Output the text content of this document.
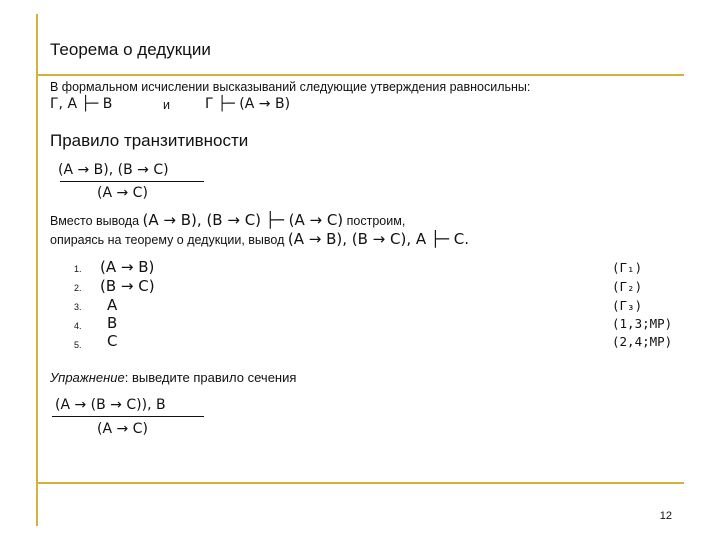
Теорема о дедукции
В формальном исчислении высказываний следующие утверждения равносильны:
Г, А ├─ В	и	Г ├─ (А → В)
Правило транзитивности
(А → В), (В → С)
(А → С)
Вместо вывода (А → В), (В → С) ├─ (А → С) построим,
опираясь на теорему о дедукции, вывод (А → В), (В → С), А ├─ С.
1. (А → В)	(Г₁)
2. (В → С)	(Г₂)
3. А	(Г₃)
4. В	(1,3;MP)
5. С	(2,4;MP)
Упражнение: выведите правило сечения
(А → (В → С)), В
(А → С)
12
